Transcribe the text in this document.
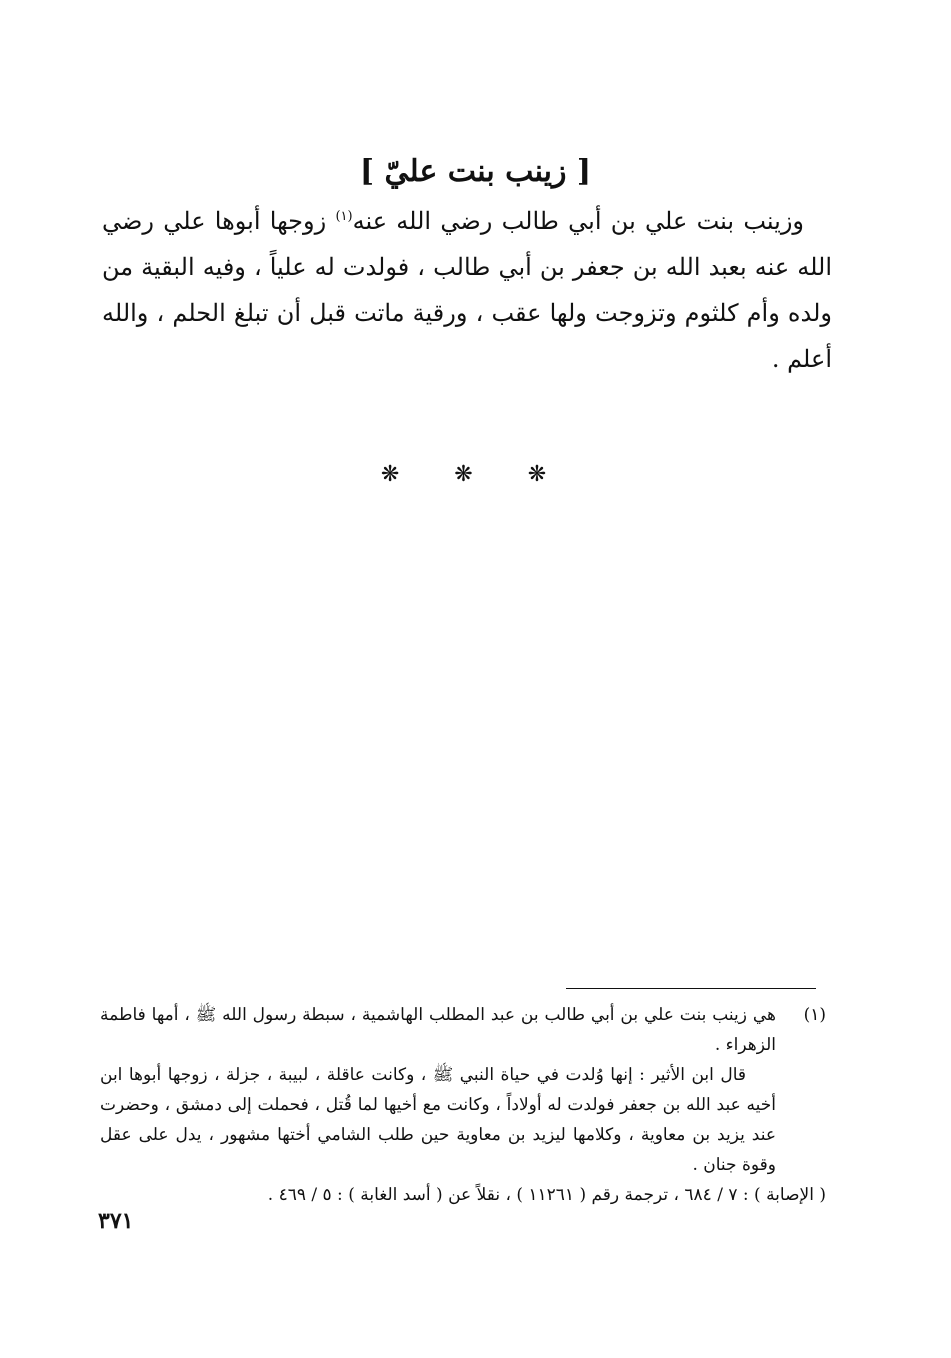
[ زينب بنت عليّ ]

وزينب بنت علي بن أبي طالب رضي الله عنه$^{(١)}$ زوجها أبوها علي رضي الله عنه بعبد الله بن جعفر بن أبي طالب ، فولدت له علياً ، وفيه البقية من ولده وأم كلثوم وتزوجت ولها عقب ، ورقية ماتت قبل أن تبلغ الحلم ، والله أعلم .

❋ ❋ ❋
(١)

هي زينب بنت علي بن أبي طالب بن عبد المطلب الهاشمية ، سبطة رسول الله ﷺ ، أمها فاطمة الزهراء .

قال ابن الأثير : إنها وُلدت في حياة النبي ﷺ ، وكانت عاقلة ، لبيبة ، جزلة ، زوجها أبوها ابن أخيه عبد الله بن جعفر فولدت له أولاداً ، وكانت مع أخيها لما قُتل ، فحملت إلى دمشق ، وحضرت عند يزيد بن معاوية ، وكلامها ليزيد بن معاوية حين طلب الشامي أختها مشهور ، يدل على عقل وقوة جنان .

( الإصابة ) : ٧ / ٦٨٤ ، ترجمة رقم ( ١١٢٦١ ) ، نقلاً عن ( أسد الغابة ) : ٥ / ٤٦٩ .

٣٧١
